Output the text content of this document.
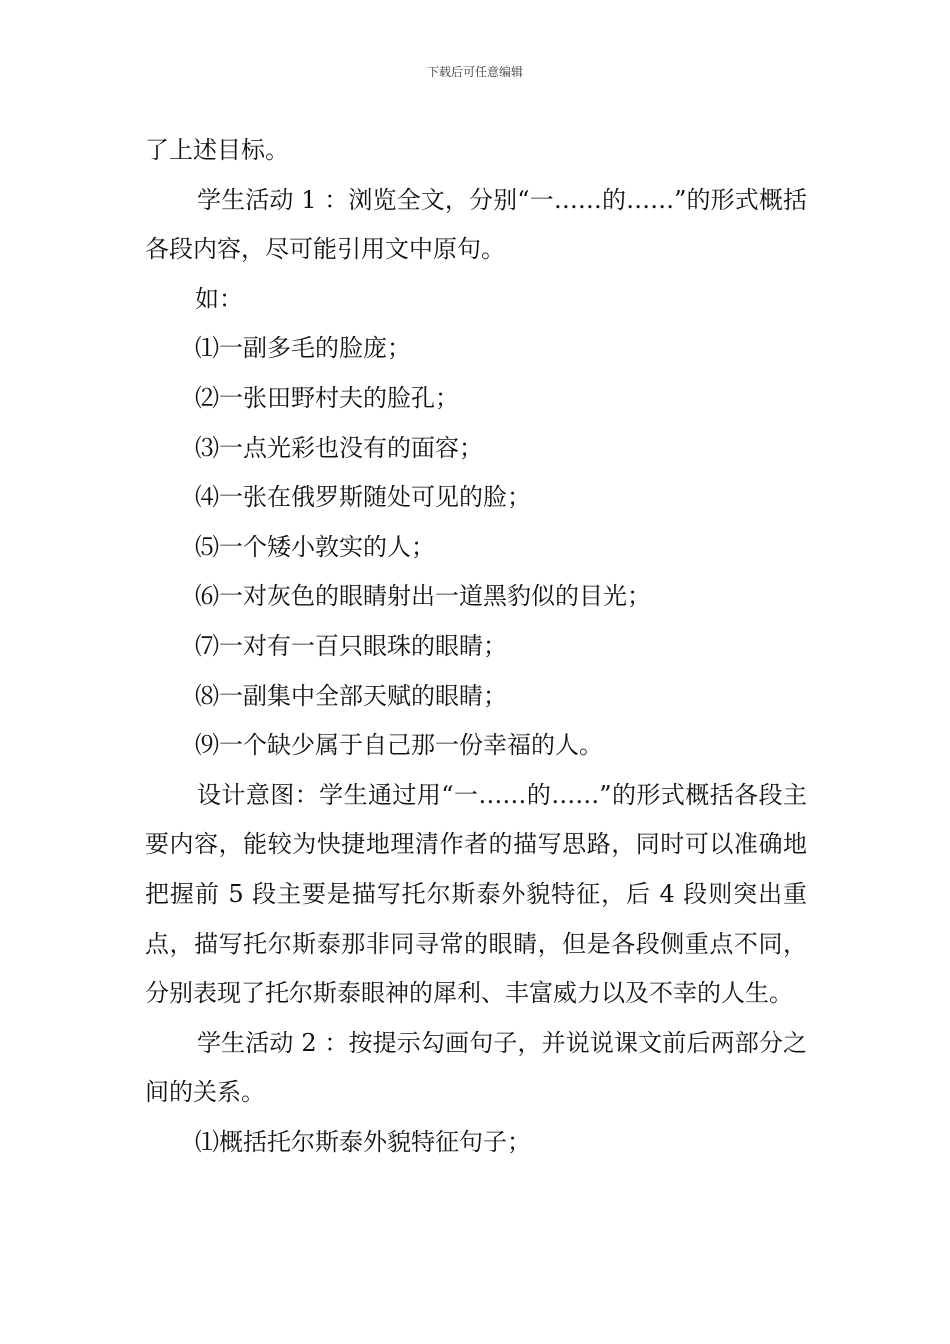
下载后可任意编辑

了上述目标。

学生活动 1 ：浏览全文，分别“一……的……”的形式概括各段内容，尽可能引用文中原句。

如：

⑴一副多毛的脸庞；

⑵一张田野村夫的脸孔；

⑶一点光彩也没有的面容；

⑷一张在俄罗斯随处可见的脸；

⑸一个矮小敦实的人；

⑹一对灰色的眼睛射出一道黑豹似的目光；

⑺一对有一百只眼珠的眼睛；

⑻一副集中全部天赋的眼睛；

⑼一个缺少属于自己那一份幸福的人。

设计意图：学生通过用“一……的……”的形式概括各段主要内容，能较为快捷地理清作者的描写思路，同时可以准确地把握前 5 段主要是描写托尔斯泰外貌特征，后 4 段则突出重点，描写托尔斯泰那非同寻常的眼睛，但是各段侧重点不同，分别表现了托尔斯泰眼神的犀利、丰富威力以及不幸的人生。

学生活动 2 ：按提示勾画句子，并说说课文前后两部分之间的关系。

⑴概括托尔斯泰外貌特征句子；
